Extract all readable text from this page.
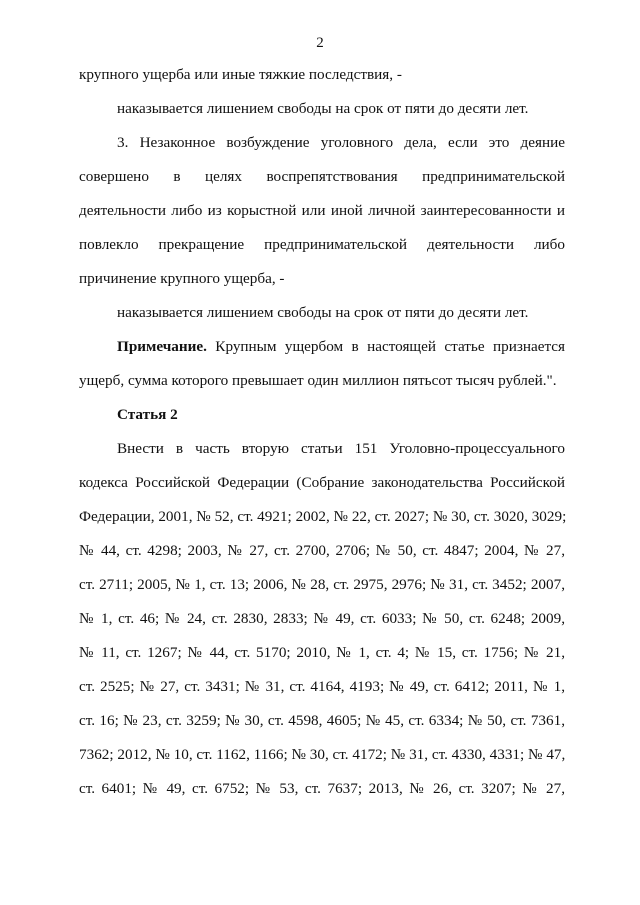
2
крупного ущерба или иные тяжкие последствия, -
наказывается лишением свободы на срок от пяти до десяти лет.
3. Незаконное возбуждение уголовного дела, если это деяние
совершено в целях воспрепятствования предпринимательской
деятельности либо из корыстной или иной личной заинтересованности и
повлекло прекращение предпринимательской деятельности либо
причинение крупного ущерба, -
наказывается лишением свободы на срок от пяти до десяти лет.
Примечание. Крупным ущербом в настоящей статье признается
ущерб, сумма которого превышает один миллион пятьсот тысяч рублей.".
Статья 2
Внести в часть вторую статьи 151 Уголовно-процессуального
кодекса Российской Федерации (Собрание законодательства Российской
Федерации, 2001, № 52, ст. 4921; 2002, № 22, ст. 2027; № 30, ст. 3020, 3029;
№ 44, ст. 4298; 2003, № 27, ст. 2700, 2706; № 50, ст. 4847; 2004, № 27,
ст. 2711; 2005, № 1, ст. 13; 2006, № 28, ст. 2975, 2976; № 31, ст. 3452; 2007,
№ 1, ст. 46; № 24, ст. 2830, 2833; № 49, ст. 6033; № 50, ст. 6248; 2009,
№ 11, ст. 1267; № 44, ст. 5170; 2010, № 1, ст. 4; № 15, ст. 1756; № 21,
ст. 2525; № 27, ст. 3431; № 31, ст. 4164, 4193; № 49, ст. 6412; 2011, № 1,
ст. 16; № 23, ст. 3259; № 30, ст. 4598, 4605; № 45, ст. 6334; № 50, ст. 7361,
7362; 2012, № 10, ст. 1162, 1166; № 30, ст. 4172; № 31, ст. 4330, 4331; № 47,
ст. 6401; № 49, ст. 6752; № 53, ст. 7637; 2013, № 26, ст. 3207; № 27,
